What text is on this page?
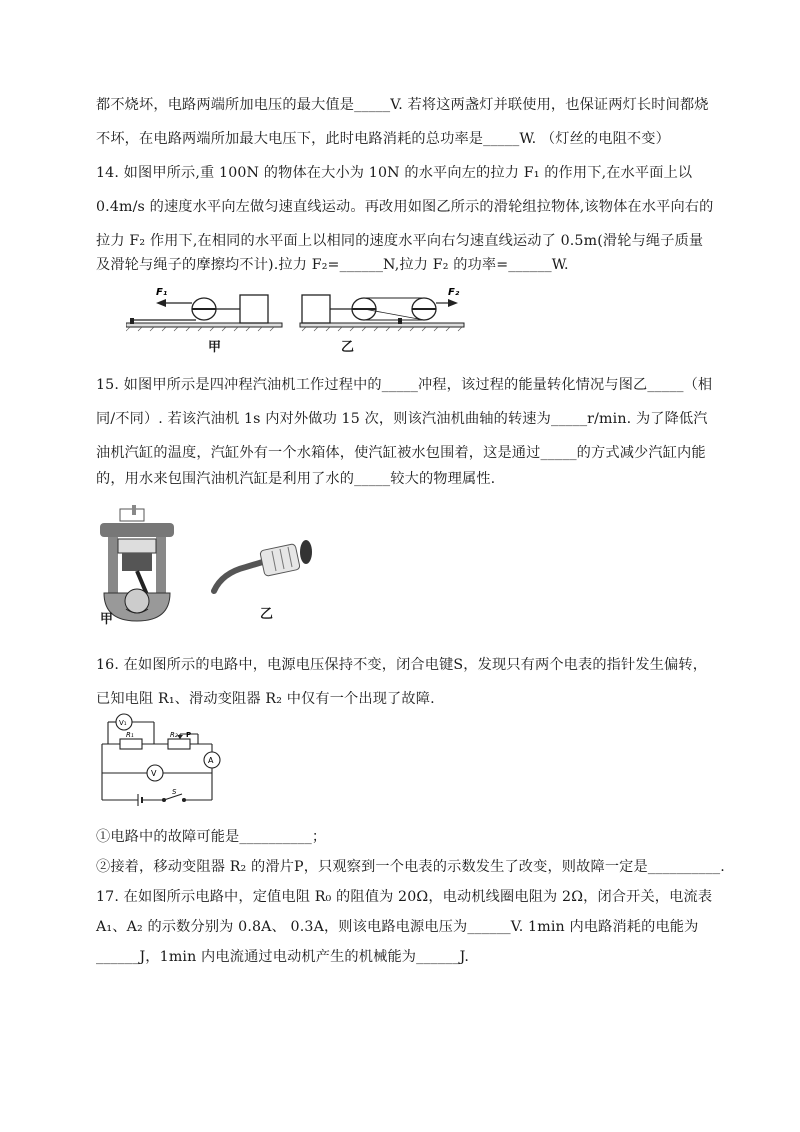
都不烧坏，电路两端所加电压的最大值是_____V. 若将这两盏灯并联使用，也保证两灯长时间都烧
不坏，在电路两端所加最大电压下，此时电路消耗的总功率是_____W. （灯丝的电阻不变）
14. 如图甲所示,重 100N 的物体在大小为 10N 的水平向左的拉力 F₁ 的作用下,在水平面上以
0.4m/s 的速度水平向左做匀速直线运动。再改用如图乙所示的滑轮组拉物体,该物体在水平向右的
拉力 F₂ 作用下,在相同的水平面上以相同的速度水平向右匀速直线运动了 0.5m(滑轮与绳子质量
及滑轮与绳子的摩擦均不计).拉力 F₂=______N,拉力 F₂ 的功率=______W.
F₁	F₂
甲	乙
15. 如图甲所示是四冲程汽油机工作过程中的_____冲程，该过程的能量转化情况与图乙_____（相
同/不同）. 若该汽油机 1s 内对外做功 15 次，则该汽油机曲轴的转速为_____r/min. 为了降低汽
油机汽缸的温度，汽缸外有一个水箱体，使汽缸被水包围着，这是通过_____的方式减少汽缸内能
的，用水来包围汽油机汽缸是利用了水的_____较大的物理属性.
甲	乙
16. 在如图所示的电路中，电源电压保持不变，闭合电键S，发现只有两个电表的指针发生偏转，
已知电阻 R₁、滑动变阻器 R₂ 中仅有一个出现了故障.
V₁
R₁	R₂ P
A
V
S
①电路中的故障可能是__________；
②接着，移动变阻器 R₂ 的滑片P，只观察到一个电表的示数发生了改变，则故障一定是__________.
17. 在如图所示电路中，定值电阻 R₀ 的阻值为 20Ω，电动机线圈电阻为 2Ω，闭合开关，电流表
A₁、A₂ 的示数分别为 0.8A、 0.3A，则该电路电源电压为______V. 1min 内电路消耗的电能为
______J，1min 内电流通过电动机产生的机械能为______J.
